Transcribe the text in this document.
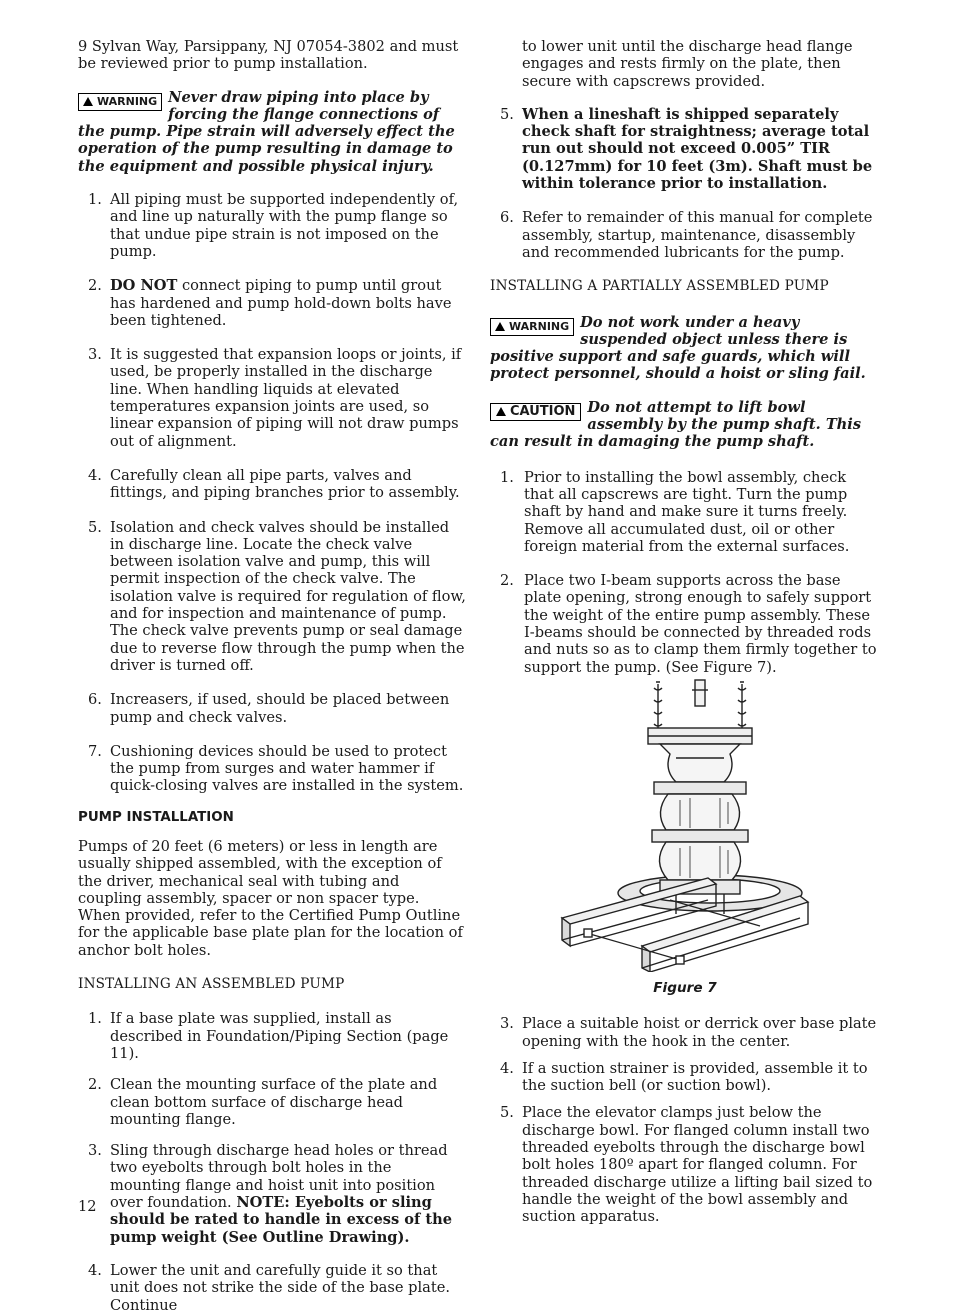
9 Sylvan Way, Parsippany, NJ 07054-3802 and must be reviewed prior to pump installation.

WARNING Never draw piping into place by forcing the flange connections of the pump. Pipe strain will adversely effect the operation of the pump resulting in damage to the equipment and possible physical injury.
1. All piping must be supported independently of, and line up naturally with the pump flange so that undue pipe strain is not imposed on the pump.
2. DO NOT connect piping to pump until grout has hardened and pump hold-down bolts have been tightened.
3. It is suggested that expansion loops or joints, if used, be properly installed in the discharge line. When handling liquids at elevated temperatures expansion joints are used, so linear expansion of piping will not draw pumps out of alignment.
4. Carefully clean all pipe parts, valves and fittings, and piping branches prior to assembly.
5. Isolation and check valves should be installed in discharge line. Locate the check valve between isolation valve and pump, this will permit inspection of the check valve. The isolation valve is required for regulation of flow, and for inspection and maintenance of pump. The check valve prevents pump or seal damage due to reverse flow through the pump when the driver is turned off.
6. Increasers, if used, should be placed between pump and check valves.
7. Cushioning devices should be used to protect the pump from surges and water hammer if quick-closing valves are installed in the system.
PUMP INSTALLATION

Pumps of 20 feet (6 meters) or less in length are usually shipped assembled, with the exception of the driver, mechanical seal with tubing and coupling assembly, spacer or non spacer type. When provided, refer to the Certified Pump Outline for the applicable base plate plan for the location of anchor bolt holes.

INSTALLING AN ASSEMBLED PUMP
1. If a base plate was supplied, install as described in Foundation/Piping Section (page 11).
2. Clean the mounting surface of the plate and clean bottom surface of discharge head mounting flange.
3. Sling through discharge head holes or thread two eyebolts through bolt holes in the mounting flange and hoist unit into position over foundation. NOTE: Eyebolts or sling should be rated to handle in excess of the pump weight (See Outline Drawing).
4. Lower the unit and carefully guide it so that unit does not strike the side of the base plate. Continue
12
to lower unit until the discharge head flange engages and rests firmly on the plate, then secure with capscrews provided.
5. When a lineshaft is shipped separately check shaft for straightness; average total run out should not exceed 0.005” TIR (0.127mm) for 10 feet (3m). Shaft must be within tolerance prior to installation.
6. Refer to remainder of this manual for complete assembly, startup, maintenance, disassembly and recommended lubricants for the pump.
INSTALLING A PARTIALLY ASSEMBLED PUMP
WARNING Do not work under a heavy suspended object unless there is positive support and safe guards, which will protect personnel, should a hoist or sling fail.
CAUTION Do not attempt to lift bowl assembly by the pump shaft. This can result in damaging the pump shaft.
1. Prior to installing the bowl assembly, check that all capscrews are tight. Turn the pump shaft by hand and make sure it turns freely. Remove all accumulated dust, oil or other foreign material from the external surfaces.
2. Place two I-beam supports across the base plate opening, strong enough to safely support the weight of the entire pump assembly. These I-beams should be connected by threaded rods and nuts so as to clamp them firmly together to support the pump. (See Figure 7).
Figure 7
3. Place a suitable hoist or derrick over base plate opening with the hook in the center.
4. If a suction strainer is provided, assemble it to the suction bell (or suction bowl).
5. Place the elevator clamps just below the discharge bowl. For flanged column install two threaded eyebolts through the discharge bowl bolt holes 180º apart for flanged column. For threaded discharge utilize a lifting bail sized to handle the weight of the bowl assembly and suction apparatus.
